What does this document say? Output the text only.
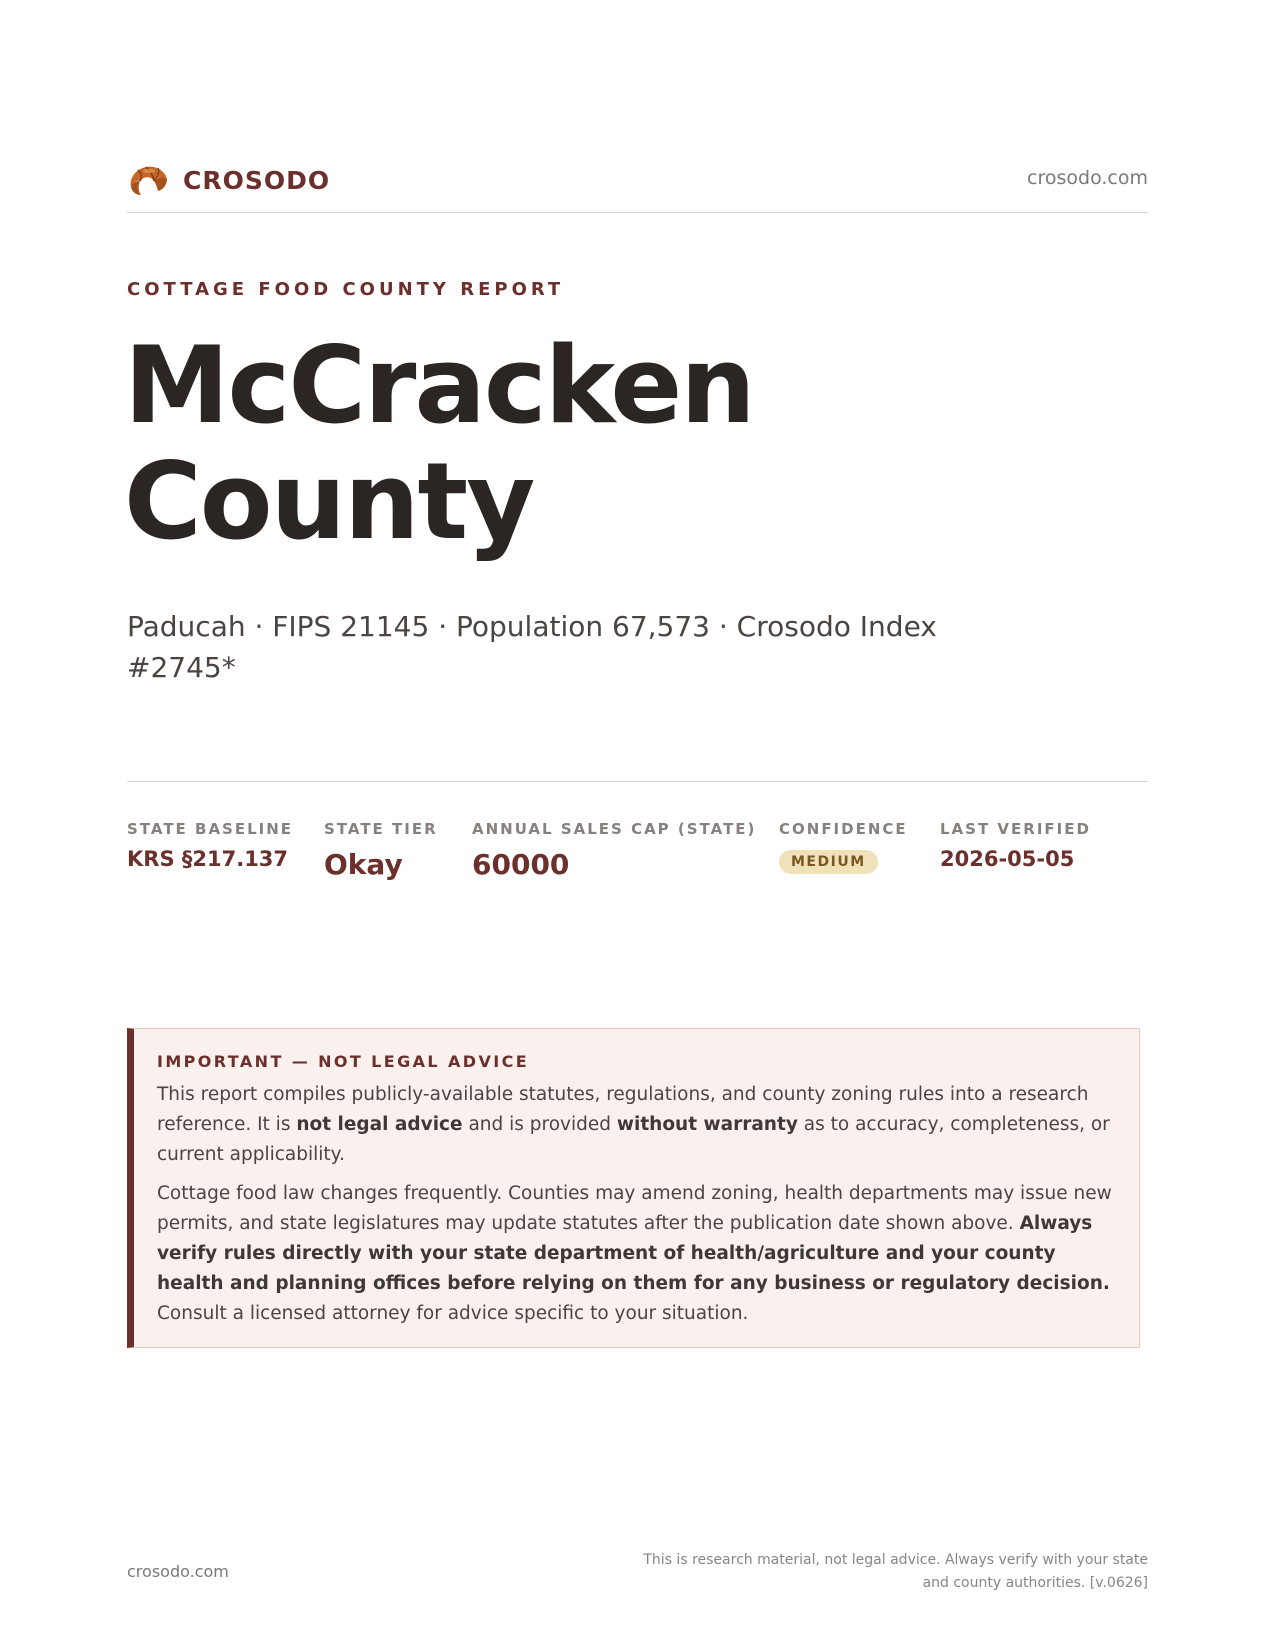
CROSODO	crosodo.com
COTTAGE FOOD COUNTY REPORT
McCracken
County
Paducah · FIPS 21145 · Population 67,573 · Crosodo Index #2745*
STATE BASELINE
KRS §217.137
STATE TIER
Okay
ANNUAL SALES CAP (STATE)
60000
CONFIDENCE
MEDIUM
LAST VERIFIED
2026-05-05
IMPORTANT — NOT LEGAL ADVICE

This report compiles publicly-available statutes, regulations, and county zoning rules into a research reference. It is not legal advice and is provided without warranty as to accuracy, completeness, or current applicability.

Cottage food law changes frequently. Counties may amend zoning, health departments may issue new permits, and state legislatures may update statutes after the publication date shown above. Always verify rules directly with your state department of health/agriculture and your county health and planning offices before relying on them for any business or regulatory decision. Consult a licensed attorney for advice specific to your situation.

crosodo.com
This is research material, not legal advice. Always verify with your state and county authorities. [v.0626]
